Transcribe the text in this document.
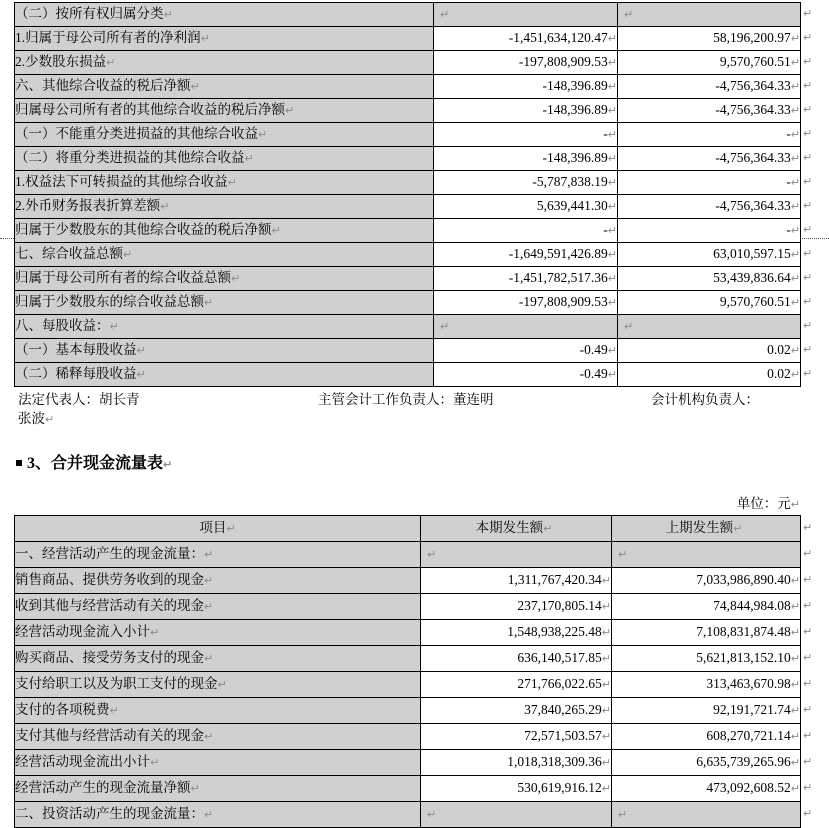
（二）按所有权归属分类↵	↵	↵
1.归属于母公司所有者的净利润↵	-1,451,634,120.47↵	58,196,200.97↵
2.少数股东损益↵	-197,808,909.53↵	9,570,760.51↵
六、其他综合收益的税后净额↵	-148,396.89↵	-4,756,364.33↵
归属母公司所有者的其他综合收益的税后净额↵	-148,396.89↵	-4,756,364.33↵
（一）不能重分类进损益的其他综合收益↵	-↵	-↵
（二）将重分类进损益的其他综合收益↵	-148,396.89↵	-4,756,364.33↵
1.权益法下可转损益的其他综合收益↵	-5,787,838.19↵	-↵
2.外币财务报表折算差额↵	5,639,441.30↵	-4,756,364.33↵
归属于少数股东的其他综合收益的税后净额↵	-↵	-↵
七、综合收益总额↵	-1,649,591,426.89↵	63,010,597.15↵
归属于母公司所有者的综合收益总额↵	-1,451,782,517.36↵	53,439,836.64↵
归属于少数股东的综合收益总额↵	-197,808,909.53↵	9,570,760.51↵
八、每股收益：↵	↵	↵
（一）基本每股收益↵	-0.49↵	0.02↵
（二）稀释每股收益↵	-0.49↵	0.02↵
法定代表人：胡长青	主管会计工作负责人：董连明	会计机构负责人：
张波↵
3、合并现金流量表↵
单位：元↵
项目↵	本期发生额↵	上期发生额↵
一、经营活动产生的现金流量：↵	↵	↵
销售商品、提供劳务收到的现金↵	1,311,767,420.34↵	7,033,986,890.40↵
收到其他与经营活动有关的现金↵	237,170,805.14↵	74,844,984.08↵
经营活动现金流入小计↵	1,548,938,225.48↵	7,108,831,874.48↵
购买商品、接受劳务支付的现金↵	636,140,517.85↵	5,621,813,152.10↵
支付给职工以及为职工支付的现金↵	271,766,022.65↵	313,463,670.98↵
支付的各项税费↵	37,840,265.29↵	92,191,721.74↵
支付其他与经营活动有关的现金↵	72,571,503.57↵	608,270,721.14↵
经营活动现金流出小计↵	1,018,318,309.36↵	6,635,739,265.96↵
经营活动产生的现金流量净额↵	530,619,916.12↵	473,092,608.52↵
二、投资活动产生的现金流量：↵	↵	↵
↵
↵
↵
↵
↵
↵
↵
↵
↵
↵
↵
↵
↵
↵
↵
↵
↵
↵
↵
↵
↵
↵
↵
↵
↵
↵
↵
↵
